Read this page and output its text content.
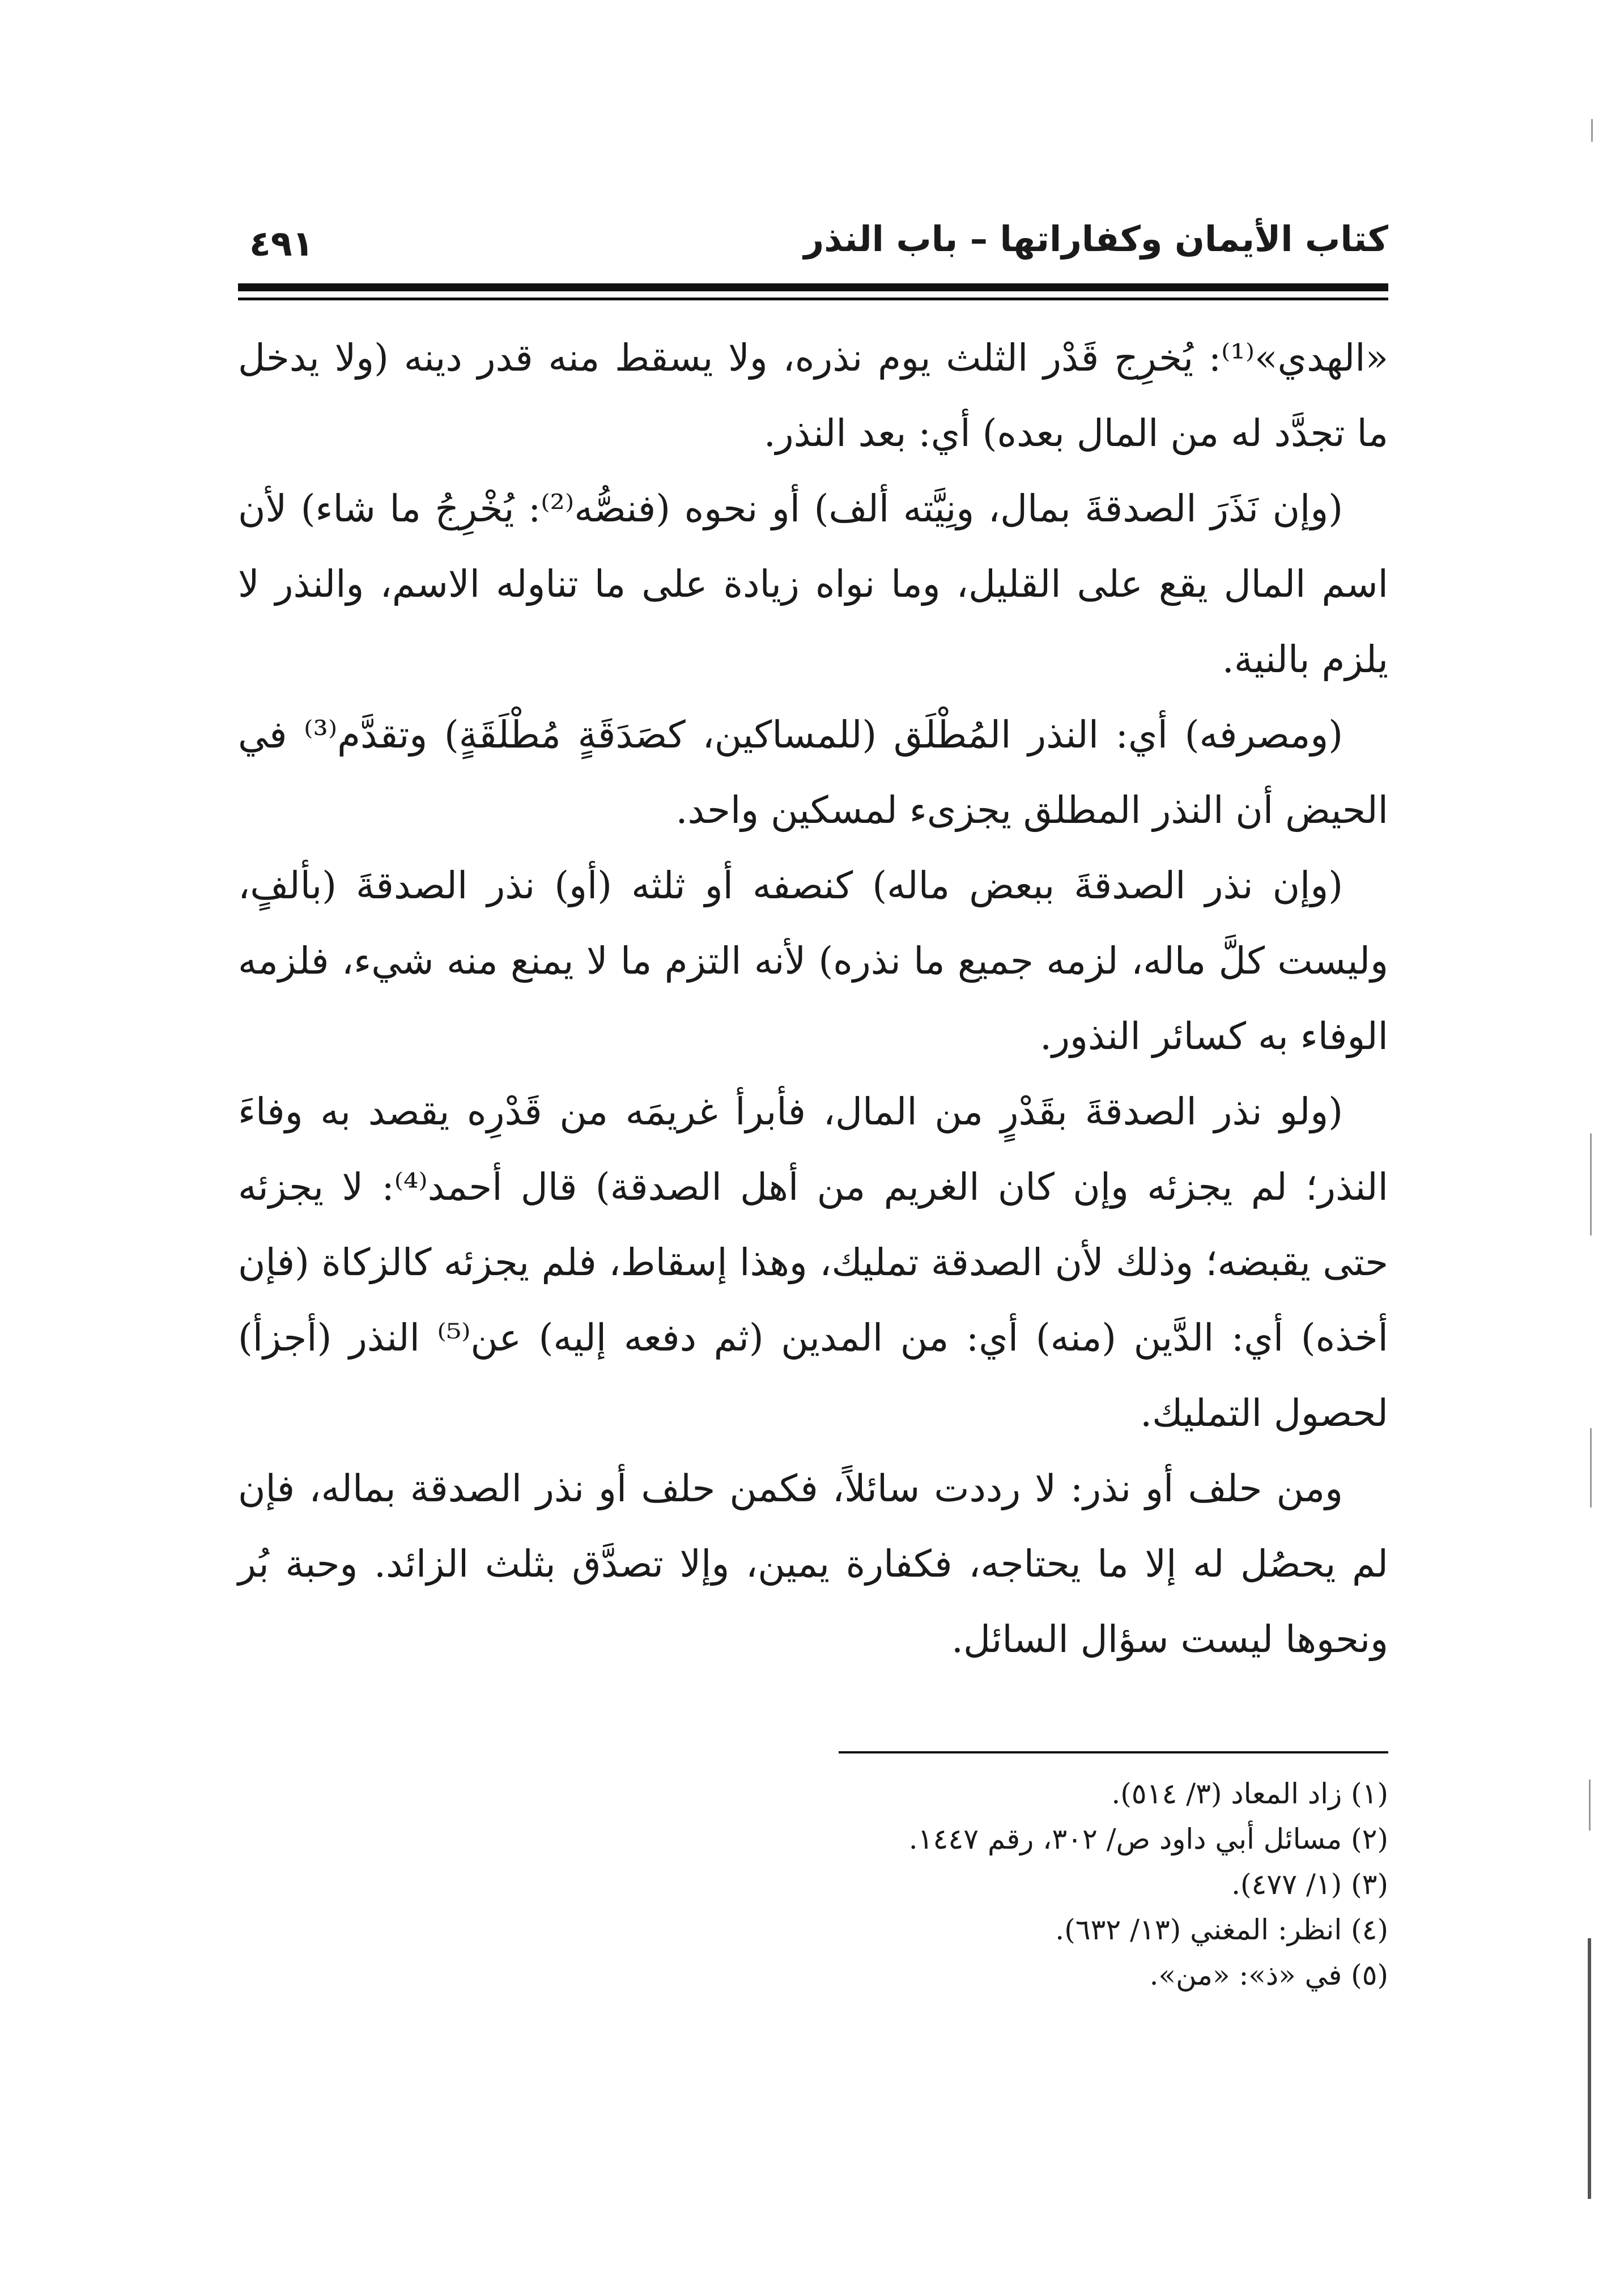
كتاب الأيمان وكفاراتها – باب النذر
٤٩١

«الهدي»⁽¹⁾: يُخرِج قَدْر الثلث يوم نذره، ولا يسقط منه قدر دينه (ولا يدخل ما تجدَّد له من المال بعده) أي: بعد النذر.

(وإن نَذَرَ الصدقةَ بمال، ونِيَّته ألف) أو نحوه (فنصُّه⁽²⁾: يُخْرِجُ ما شاء) لأن اسم المال يقع على القليل، وما نواه زيادة على ما تناوله الاسم، والنذر لا يلزم بالنية.

(ومصرفه) أي: النذر المُطْلَق (للمساكين، كصَدَقَةٍ مُطْلَقَةٍ) وتقدَّم⁽³⁾ في الحيض أن النذر المطلق يجزىء لمسكين واحد.

(وإن نذر الصدقةَ ببعض ماله) كنصفه أو ثلثه (أو) نذر الصدقةَ (بألفٍ، وليست كلَّ ماله، لزمه جميع ما نذره) لأنه التزم ما لا يمنع منه شيء، فلزمه الوفاء به كسائر النذور.

(ولو نذر الصدقةَ بقَدْرٍ من المال، فأبرأ غريمَه من قَدْرِه يقصد به وفاءَ النذر؛ لم يجزئه وإن كان الغريم من أهل الصدقة) قال أحمد⁽⁴⁾: لا يجزئه حتى يقبضه؛ وذلك لأن الصدقة تمليك، وهذا إسقاط، فلم يجزئه كالزكاة (فإن أخذه) أي: الدَّين (منه) أي: من المدين (ثم دفعه إليه) عن⁽⁵⁾ النذر (أجزأ) لحصول التمليك.

ومن حلف أو نذر: لا رددت سائلاً، فكمن حلف أو نذر الصدقة بماله، فإن لم يحصُل له إلا ما يحتاجه، فكفارة يمين، وإلا تصدَّق بثلث الزائد. وحبة بُر ونحوها ليست سؤال السائل.

(١) زاد المعاد (٣/ ٥١٤).
(٢) مسائل أبي داود ص/ ٣٠٢، رقم ١٤٤٧.
(٣) (١/ ٤٧٧).
(٤) انظر: المغني (١٣/ ٦٣٢).
(٥) في «ذ»: «من».
